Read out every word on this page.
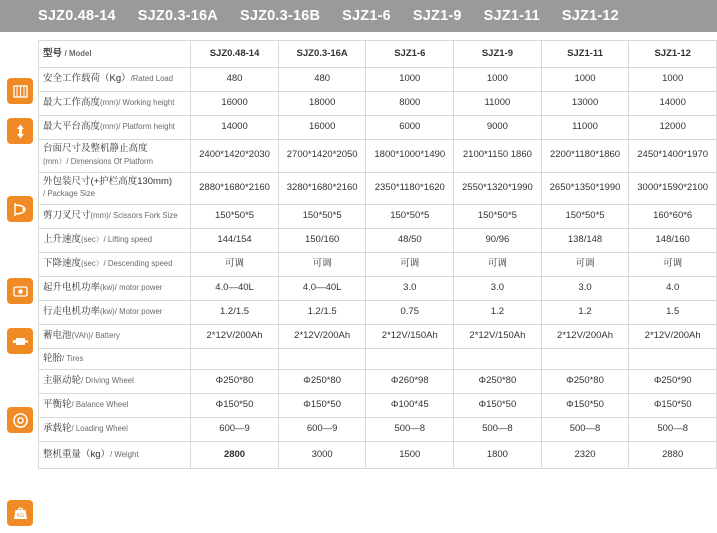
SJZ0.48-14 SJZ0.3-16A SJZ0.3-16B SJZ1-6 SJZ1-9 SJZ1-11 SJZ1-12
KG
型号 / Model	SJZ0.48-14	SJZ0.3-16A	SJZ1-6	SJZ1-9	SJZ1-11	SJZ1-12
安全工作载荷（Kg）/Rated Load	480	480	1000	1000	1000	1000
最大工作高度(mm)/ Working height	16000	18000	8000	11000	13000	14000
最大平台高度(mm)/ Platform height	14000	16000	6000	9000	11000	12000
台面尺寸及整机静止高度
(mm）/ Dimensions Of Platform	2400*1420*2030	2700*1420*2050	1800*1000*1490	2100*1150 1860	2200*1180*1860	2450*1400*1970
外包装尺寸(+护栏高度130mm)
/ Package Size	2880*1680*2160	3280*1680*2160	2350*1180*1620	2550*1320*1990	2650*1350*1990	3000*1590*2100
剪刀叉尺寸(mm)/ Scissors Fork Size	150*50*5	150*50*5	150*50*5	150*50*5	150*50*5	160*60*6
上升速度(sec）/ Lifting speed	144/154	150/160	48/50	90/96	138/148	148/160
下降速度(sec）/ Descending speed	可调	可调	可调	可调	可调	可调
起升电机功率(kw)/ motor power	4.0—40L	4.0—40L	3.0	3.0	3.0	4.0
行走电机功率(kw)/ Motor power	1.2/1.5	1.2/1.5	0.75	1.2	1.2	1.5
蓄电池(VAh)/ Battery	2*12V/200Ah	2*12V/200Ah	2*12V/150Ah	2*12V/150Ah	2*12V/200Ah	2*12V/200Ah
轮胎/ Tires						
主驱动轮/ Driving Wheel	Φ250*80	Φ250*80	Φ260*98	Φ250*80	Φ250*80	Φ250*90
平衡轮/ Balance Wheel	Φ150*50	Φ150*50	Φ100*45	Φ150*50	Φ150*50	Φ150*50
承载轮/ Loading Wheel	600—9	600—9	500—8	500—8	500—8	500—8
整机重量（kg）/ Weight	2800	3000	1500	1800	2320	2880
